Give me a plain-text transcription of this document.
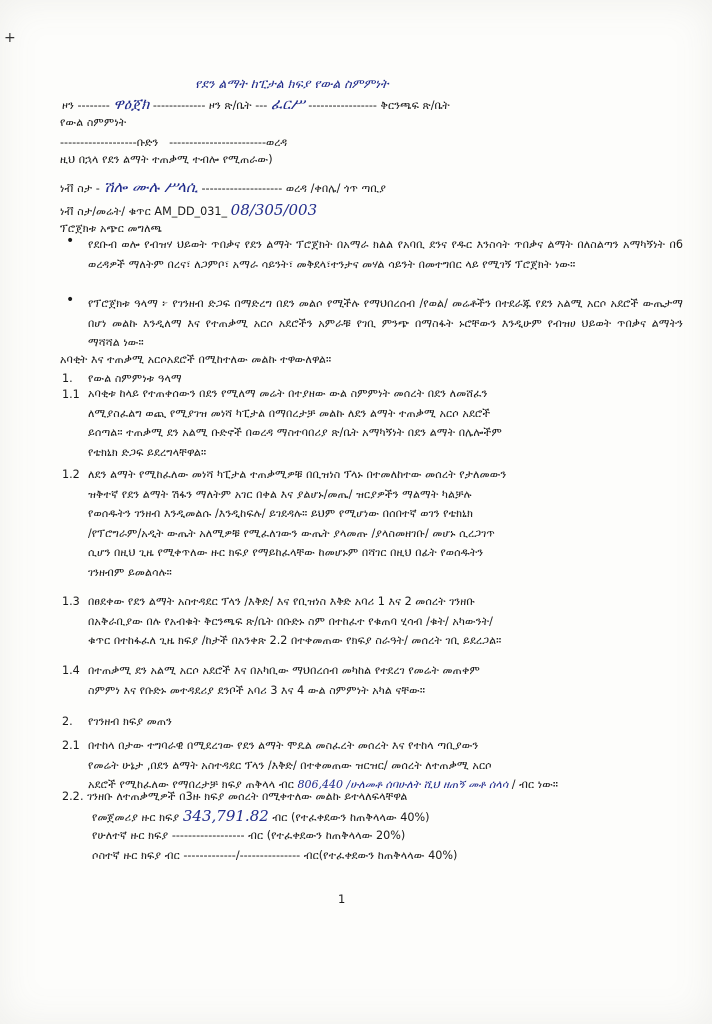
+
የደን ልማት ከፒታል ክፍያ የውል ስምምነት
ዞን -------- ዋዕጀክ ------------- ዞን ጽ/ቤት --- ፈርሥ ----------------- ቅርንጫፍ ጽ/ቤት
የውል ስምምነት
-------------------ቡድን ------------------------ወረዳ
ዚህ በኋላ የደን ልማት ተጠቃሚ ተብሎ የሚጠራው)
ነቭ ስታ - ሽሎ ሙሉ ሥላሲ -------------------- ወረዳ /ቀበሌ/ ጎጥ ጣቢያ
ነቭ ስታ/መሬት/ ቁጥር AM_DD_031_ 08/305/003
ፕሮጀክቱ አጭር መግለጫ
• የደቡብ ወሎ የብዝሃ ህይወት ጥበቃና የደን ልማት ፕሮጀክት በአማራ ክልል የአባቢ ደንና የዱር እንስሳት ጥበቃና ልማት በለስልጣን አማካኝነት በ6 ወረዳዎች ማለትም በረና፣ ለጋምቦ፣ አማራ ሳይንት፣ መቅደላ፣ተንታና መሃል ሳይንት በመተግበር ላይ የሚገኝ ፕሮጀክት ነው።
• የፕሮጀክቱ ዓላማ ፦ የገንዘብ ድጋፍ በማድረግ በደን መልሶ የሚችሉ የማህበረሰብ /የወል/ መሬቶችን በተደራጁ የደን አልሚ አርሶ አደሮች ውጤታማ በሆነ መልኩ እንዲለማ እና የተጠቃሚ አርሶ አደሮችን አምራቹ የገቢ ምንጭ በማስፋት ኑሮቸውን እንዲሁም የብዝሀ ህይወት ጥበቃና ልማትን ማሻሻል ነው።
አባቂት እና ተጠቃሚ አርሶአደሮች በሚከተለው መልኩ ተዋውለዋል።
1. የውል ስምምነቱ ዓላማ
1.1 አባቂቱ ከላይ የተጠቀሰውን በደን የሚለማ መሬት በተያዘው ውል ስምምነት መሰረት በደን ለመሸፈን
ለሚያስፈልግ ወጪ የሚያገዝ መነሻ ካፒታል በማበረታቻ መልኩ ለደን ልማት ተጠቃሚ አርሶ አደሮች
ይሰጣል። ተጠቃሚ ደን አልሚ ቡድኖች በወረዳ ማስተባበሪያ ጽ/ቤት አማካኝነት በደን ልማት በሌሎችም
የቴክኒክ ድጋፍ ይደረግላቸዋል።
1.2 ለደን ልማት የሚከፈለው መነሻ ካፒታል ተጠቃሚዎቹ በቢዝነስ ፕላኑ በተመለከተው መሰረት የታለመውን
ዝቅተኛ የደን ልማት ሽፋን ማለትም አገር በቀል እና ያልሆኑ/መጤ/ ዝርያዎችን ማልማት ካልቻሉ
የወሰዱትን ገንዘብ እንዲመልሱ /እንዲከፍሉ/ ይገደዳሉ። ይህም የሚሆነው በሰበተኛ ወገን የቴክኒክ
/የፕሮግራም/አዲት ውጤት አለሚዎቹ የሚፈለገውን ውጤት ያላመጡ /ያላስመዘገቡ/ መሆኑ ሲረጋገጥ
ሲሆን በዚህ ጊዜ የሚቀጥለው ዙር ክፍያ የማይከፈላቸው ከመሆኑም በሻገር በዚህ በፊት የወሰዱትን
ገንዘብም ይመልሳሉ።
1.3 በፀደቀው የደን ልማት አስተዳደር ፕላን /እቅድ/ እና የቢዝነስ እቅድ አባሪ 1 እና 2 መሰረት ገንዘቡ
በአቅራቢያው በሉ የአብቁት ቅርንጫፍ ጽ/ቤት በቡድኑ ስም በተከፈተ የቁጠባ ሂሳብ /ቁት/ አካውንት/
ቁጥር በተከፋፈለ ጊዜ ክፍያ /ከታች በአንቀጽ 2.2 በተቀመጠው የክፍያ ስራዓት/ መሰረት ገቢ ይደረጋል።
1.4 በተጠቃሚ ደን አልሚ አርሶ አደሮች እና በአካቢው ማህበረሰብ መካከል የተደረገ የመሬት መጠቀም
ስምምነ እና የቡድኑ መተዳደሪያ ደንቦች አባሪ 3 እና 4 ውል ስምምነት አካል ናቸው።
2. የገንዘብ ክፍያ መጠን
2.1 በተከላ በታው ተግባራዊ በሚደረገው የደን ልማት ሞዴል መስፈረት መሰረት እና የተከላ ጣቢያውን
የመሬት ሁኔታ ,በደን ልማት አስተዳደር ፕላን /እቅድ/ በተቀመጠው ዝርዝር/ መሰረት ለተጠቃሚ አርሶ
አደሮች የሚከፈለው የማበረታቻ ክፍያ ጠቅላላ ብር 806,440 /ሁለመቶ ሰባሁለት ሺህ ዘጠኝ መቶ ሰላሳ / ብር ነው።
2.2 . ገንዘቡ ለተጠቃሚዎች በ3ዙ ክፍያ መሰረት በሚቀተለው መልኩ ይተላለፍላቸዋል
የመጀመሪያ ዙር ክፍያ 343,791.82 ብር (የተፈቀደውን ከጠቅላላው 40%)
የሁለተኛ ዙር ክፍያ ------------------ ብር (የተፈቀደውን ከጠቅላላው 20%)
ሶስተኛ ዙር ክፍያ ብር -------------/--------------- ብር(የተፈቀደውን ከጠቅላላው 40%)
1
